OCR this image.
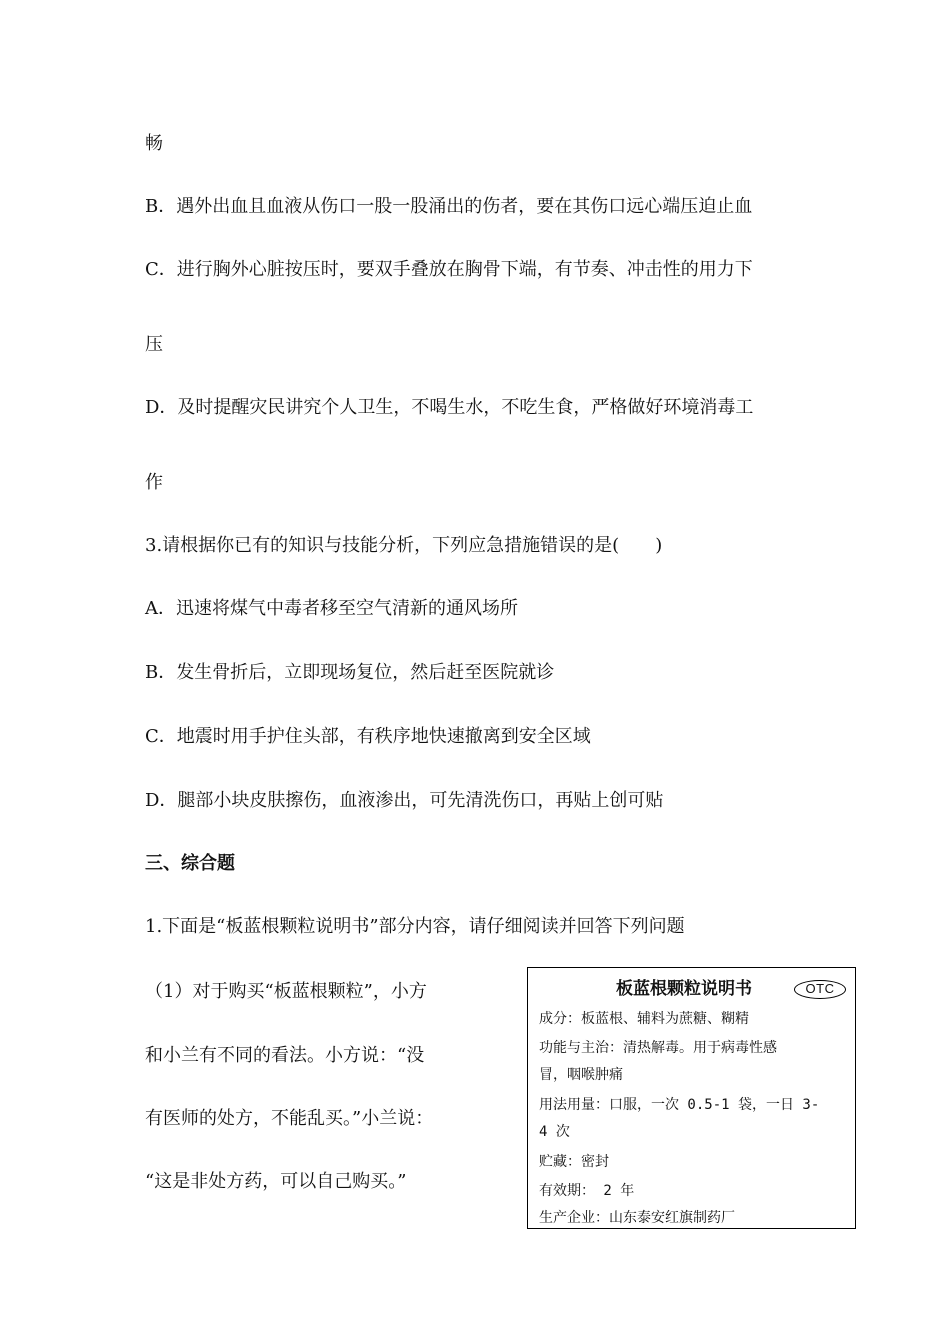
畅
B．遇外出血且血液从伤口一股一股涌出的伤者，要在其伤口远心端压迫止血
C．进行胸外心脏按压时，要双手叠放在胸骨下端，有节奏、冲击性的用力下
压
D．及时提醒灾民讲究个人卫生，不喝生水，不吃生食，严格做好环境消毒工
作
3.请根据你已有的知识与技能分析，下列应急措施错误的是(　　)
A．迅速将煤气中毒者移至空气清新的通风场所
B．发生骨折后，立即现场复位，然后赶至医院就诊
C．地震时用手护住头部，有秩序地快速撤离到安全区域
D．腿部小块皮肤擦伤，血液渗出，可先清洗伤口，再贴上创可贴
三、综合题
1.下面是“板蓝根颗粒说明书”部分内容，请仔细阅读并回答下列问题
（1）对于购买“板蓝根颗粒”，小方
和小兰有不同的看法。小方说：“没
有医师的处方，不能乱买。”小兰说：
“这是非处方药，可以自己购买。”
板蓝根颗粒说明书	OTC
成分：板蓝根、辅料为蔗糖、糊精
功能与主治：清热解毒。用于病毒性感
冒，咽喉肿痛
用法用量：口服，一次 0.5-1 袋，一日 3-
4 次
贮藏：密封
有效期： 2 年
生产企业：山东泰安红旗制药厂
